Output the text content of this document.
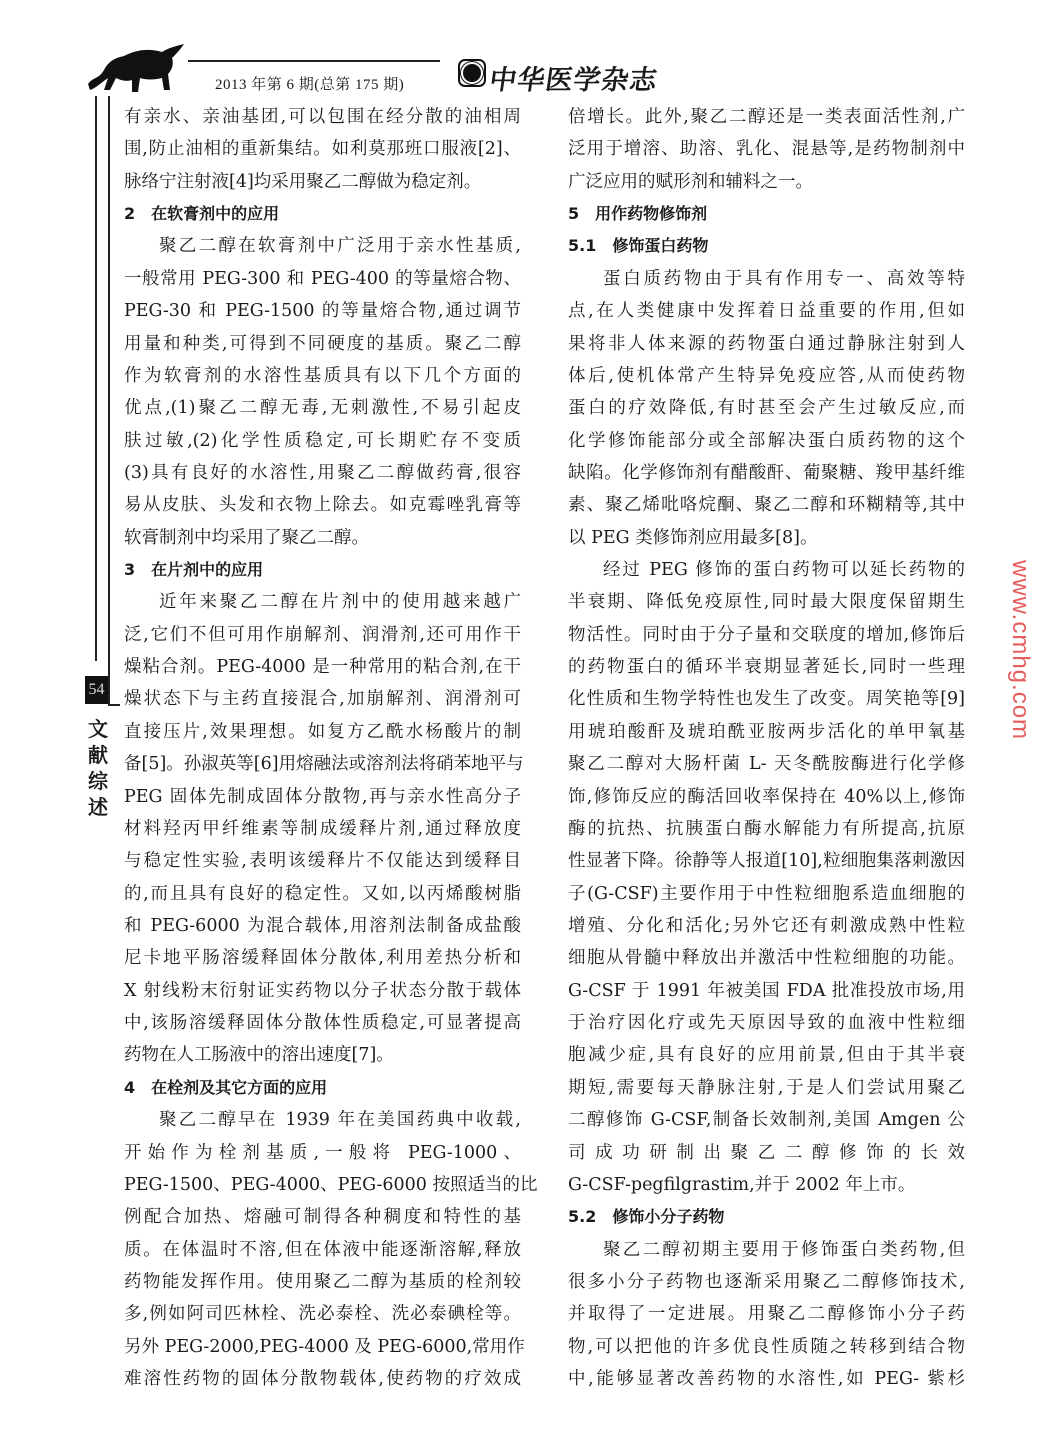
2013 年第 6 期(总第 175 期)	中华医学杂志
54
文献综述
有亲水、亲油基团,可以包围在经分散的油相周
围,防止油相的重新集结。如利莫那班口服液[2]、
脉络宁注射液[4]均采用聚乙二醇做为稳定剂。
2　在软膏剂中的应用
聚乙二醇在软膏剂中广泛用于亲水性基质,
一般常用 PEG-300 和 PEG-400 的等量熔合物、
PEG-30 和 PEG-1500 的等量熔合物,通过调节
用量和种类,可得到不同硬度的基质。聚乙二醇
作为软膏剂的水溶性基质具有以下几个方面的
优点,(1)聚乙二醇无毒,无刺激性,不易引起皮
肤过敏,(2)化学性质稳定,可长期贮存不变质
(3)具有良好的水溶性,用聚乙二醇做药膏,很容
易从皮肤、头发和衣物上除去。如克霉唑乳膏等
软膏制剂中均采用了聚乙二醇。
3　在片剂中的应用
近年来聚乙二醇在片剂中的使用越来越广
泛,它们不但可用作崩解剂、润滑剂,还可用作干
燥粘合剂。PEG-4000 是一种常用的粘合剂,在干
燥状态下与主药直接混合,加崩解剂、润滑剂可
直接压片,效果理想。如复方乙酰水杨酸片的制
备[5]。孙淑英等[6]用熔融法或溶剂法将硝苯地平与
PEG 固体先制成固体分散物,再与亲水性高分子
材料羟丙甲纤维素等制成缓释片剂,通过释放度
与稳定性实验,表明该缓释片不仅能达到缓释目
的,而且具有良好的稳定性。又如,以丙烯酸树脂
和 PEG-6000 为混合载体,用溶剂法制备成盐酸
尼卡地平肠溶缓释固体分散体,利用差热分析和
X 射线粉末衍射证实药物以分子状态分散于载体
中,该肠溶缓释固体分散体性质稳定,可显著提高
药物在人工肠液中的溶出速度[7]。
4　在栓剂及其它方面的应用
聚乙二醇早在 1939 年在美国药典中收载,
开始作为栓剂基质,一般将 PEG-1000、
PEG-1500、PEG-4000、PEG-6000 按照适当的比
例配合加热、熔融可制得各种稠度和特性的基
质。在体温时不溶,但在体液中能逐渐溶解,释放
药物能发挥作用。使用聚乙二醇为基质的栓剂较
多,例如阿司匹林栓、洗必泰栓、洗必泰碘栓等。
另外 PEG-2000,PEG-4000 及 PEG-6000,常用作
难溶性药物的固体分散物载体,使药物的疗效成
倍增长。此外,聚乙二醇还是一类表面活性剂,广
泛用于增溶、助溶、乳化、混悬等,是药物制剂中
广泛应用的赋形剂和辅料之一。
5　用作药物修饰剂
5.1　修饰蛋白药物
蛋白质药物由于具有作用专一、高效等特
点,在人类健康中发挥着日益重要的作用,但如
果将非人体来源的药物蛋白通过静脉注射到人
体后,使机体常产生特异免疫应答,从而使药物
蛋白的疗效降低,有时甚至会产生过敏反应,而
化学修饰能部分或全部解决蛋白质药物的这个
缺陷。化学修饰剂有醋酸酐、葡聚糖、羧甲基纤维
素、聚乙烯吡咯烷酮、聚乙二醇和环糊精等,其中
以 PEG 类修饰剂应用最多[8]。
经过 PEG 修饰的蛋白药物可以延长药物的
半衰期、降低免疫原性,同时最大限度保留期生
物活性。同时由于分子量和交联度的增加,修饰后
的药物蛋白的循环半衰期显著延长,同时一些理
化性质和生物学特性也发生了改变。周笑艳等[9]
用琥珀酸酐及琥珀酰亚胺两步活化的单甲氧基
聚乙二醇对大肠杆菌 L- 天冬酰胺酶进行化学修
饰,修饰反应的酶活回收率保持在 40%以上,修饰
酶的抗热、抗胰蛋白酶水解能力有所提高,抗原
性显著下降。徐静等人报道[10],粒细胞集落刺激因
子(G-CSF)主要作用于中性粒细胞系造血细胞的
增殖、分化和活化;另外它还有刺激成熟中性粒
细胞从骨髓中释放出并激活中性粒细胞的功能。
G-CSF 于 1991 年被美国 FDA 批准投放市场,用
于治疗因化疗或先天原因导致的血液中性粒细
胞减少症,具有良好的应用前景,但由于其半衰
期短,需要每天静脉注射,于是人们尝试用聚乙
二醇修饰 G-CSF,制备长效制剂,美国 Amgen 公
司 成 功 研 制 出 聚 乙 二 醇 修 饰 的 长 效
G-CSF-pegfilgrastim,并于 2002 年上市。
5.2　修饰小分子药物
聚乙二醇初期主要用于修饰蛋白类药物,但
很多小分子药物也逐渐采用聚乙二醇修饰技术,
并取得了一定进展。用聚乙二醇修饰小分子药
物,可以把他的许多优良性质随之转移到结合物
中,能够显著改善药物的水溶性,如 PEG- 紫杉
www.cmhg.com
